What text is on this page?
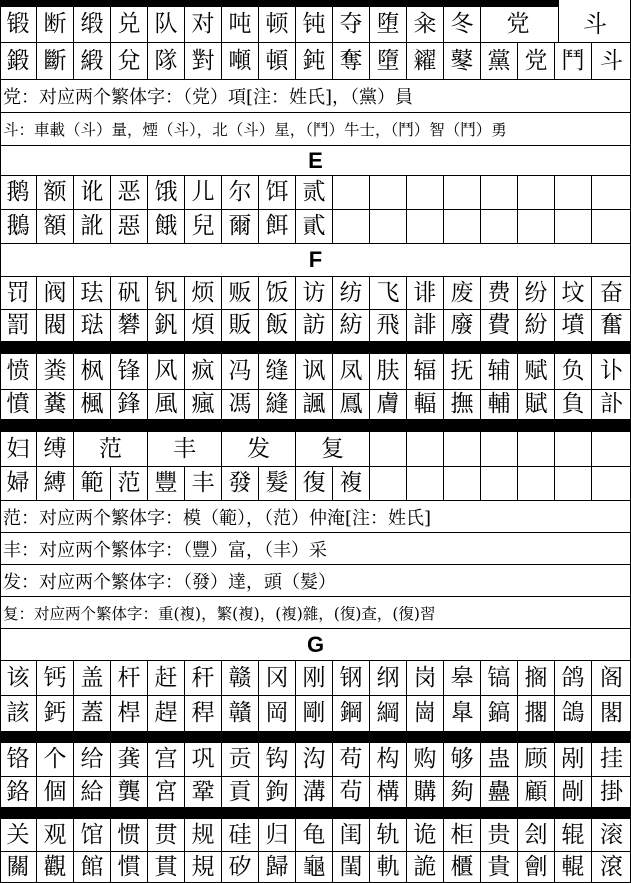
锻 断 缎 兑 队 对 吨 顿 钝 夺 堕 籴 冬	党	斗
鍛 斷 緞 兌 隊 對 噸 頓 鈍 奪 墮 糴 鼕 黨 党 鬥 斗
党：对应两个繁体字：（党）項[注：姓氏]，（黨）員
斗：車載（斗）量，煙（斗），北（斗）星，（鬥）牛士，（鬥）智（鬥）勇
E
鹅 额 讹 恶 饿 儿 尔 饵 贰
鵝 額 訛 惡 餓 兒 爾 餌 貳
F
罚 阀 珐 矾 钒 烦 贩 饭 访 纺 飞 诽 废 费 纷 坟 奋
罰 閥 琺 礬 釩 煩 販 飯 訪 紡 飛 誹 廢 費 紛 墳 奮
愤 粪 枫 锋 风 疯 冯 缝 讽 凤 肤 辐 抚 辅 赋 负 讣
憤 糞 楓 鋒 風 瘋 馮 縫 諷 鳳 膚 輻 撫 輔 賦 負 訃
妇 缚	范	丰	发	复
婦 縛 範 范 豐 丰 發 髮 復 複
范：对应两个繁体字：模（範），（范）仲淹[注：姓氏]
丰：对应两个繁体字：（豐）富，（丰）采
发：对应两个繁体字：（發）達，頭（髮）
复：对应两个繁体字：重(複)，繁(複)，(複)雜，(復)查，(復)習
G
该 钙 盖 杆 赶 秆 赣 冈 刚 钢 纲 岗 皋 镐 搁 鸽 阁
該 鈣 蓋 桿 趕 稈 贛 岡 剛 鋼 綱 崗 臯 鎬 擱 鴿 閣
铬 个 给 龚 宫 巩 贡 钩 沟 苟 构 购 够 蛊 顾 剐 挂
鉻 個 給 龔 宮 鞏 貢 鉤 溝 茍 構 購 夠 蠱 顧 剮 掛
关 观 馆 惯 贯 规 硅 归 龟 闺 轨 诡 柜 贵 刽 辊 滚
關 觀 館 慣 貫 規 矽 歸 龜 閨 軌 詭 櫃 貴 劊 輥 滾
